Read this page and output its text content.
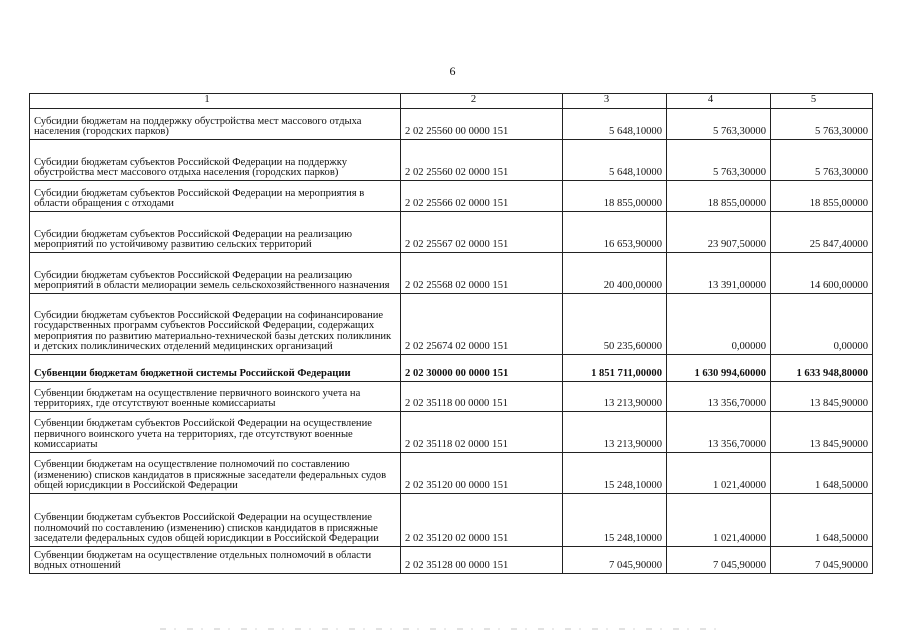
6
1	2	3	4	5
Субсидии бюджетам на поддержку обустройства мест массового отдыха населения (городских парков)	2 02 25560 00 0000 151	5 648,10000	5 763,30000	5 763,30000
Субсидии бюджетам субъектов Российской Федерации на поддержку обустройства мест массового отдыха населения (городских парков)	2 02 25560 02 0000 151	5 648,10000	5 763,30000	5 763,30000
Субсидии бюджетам субъектов Российской Федерации на мероприятия в области обращения с отходами	2 02 25566 02 0000 151	18 855,00000	18 855,00000	18 855,00000
Субсидии бюджетам субъектов Российской Федерации на реализацию мероприятий по устойчивому развитию сельских территорий	2 02 25567 02 0000 151	16 653,90000	23 907,50000	25 847,40000
Субсидии бюджетам субъектов Российской Федерации на реализацию мероприятий в области мелиорации земель сельскохозяйственного назначения	2 02 25568 02 0000 151	20 400,00000	13 391,00000	14 600,00000
Субсидии бюджетам субъектов Российской Федерации на софинансирование государственных программ субъектов Российской Федерации, содержащих мероприятия по развитию материально-технической базы детских поликлиник и детских поликлинических отделений медицинских организаций	2 02 25674 02 0000 151	50 235,60000	0,00000	0,00000
Субвенции бюджетам бюджетной системы Российской Федерации	2 02 30000 00 0000 151	1 851 711,00000	1 630 994,60000	1 633 948,80000
Субвенции бюджетам на осуществление первичного воинского учета на территориях, где отсутствуют военные комиссариаты	2 02 35118 00 0000 151	13 213,90000	13 356,70000	13 845,90000
Субвенции бюджетам субъектов Российской Федерации на осуществление первичного воинского учета на территориях, где отсутствуют военные комиссариаты	2 02 35118 02 0000 151	13 213,90000	13 356,70000	13 845,90000
Субвенции бюджетам на осуществление полномочий по составлению (изменению) списков кандидатов в присяжные заседатели федеральных судов общей юрисдикции в Российской Федерации	2 02 35120 00 0000 151	15 248,10000	1 021,40000	1 648,50000
Субвенции бюджетам субъектов Российской Федерации на осуществление полномочий по составлению (изменению) списков кандидатов в присяжные заседатели федеральных судов общей юрисдикции в Российской Федерации	2 02 35120 02 0000 151	15 248,10000	1 021,40000	1 648,50000
Субвенции бюджетам на осуществление отдельных полномочий в области водных отношений	2 02 35128 00 0000 151	7 045,90000	7 045,90000	7 045,90000
